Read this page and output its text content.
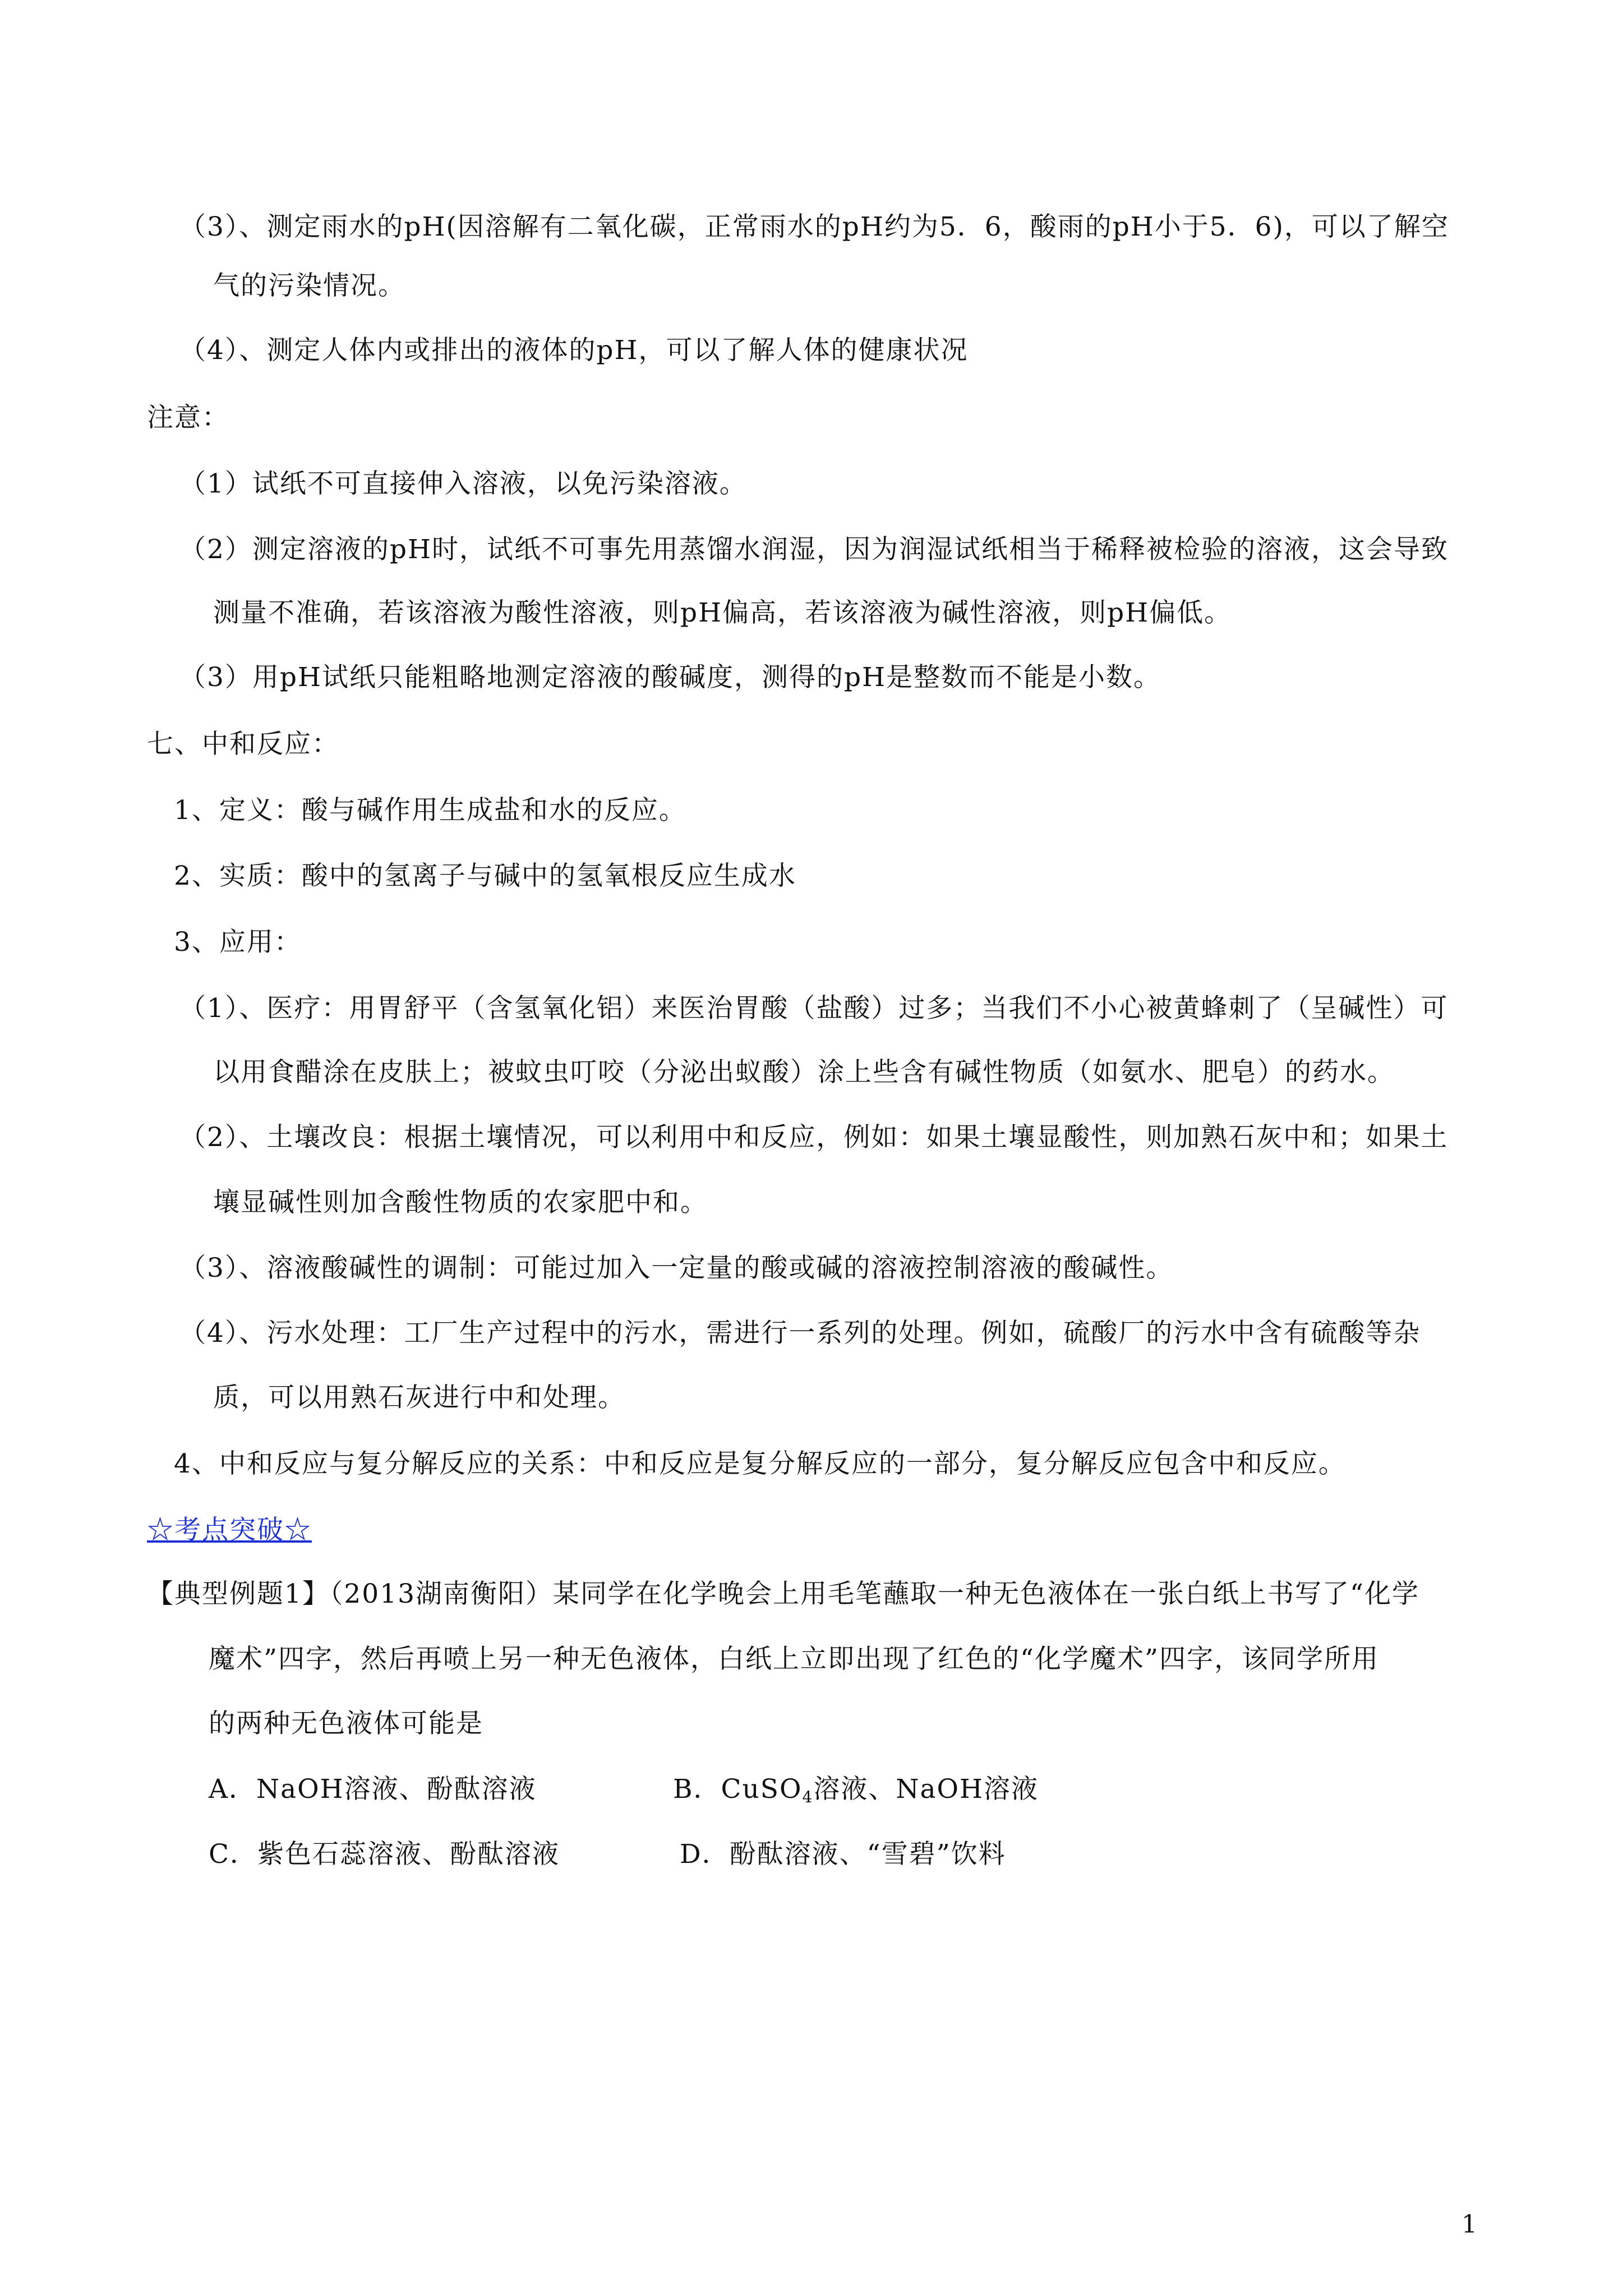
（3）、测定雨水的pH(因溶解有二氧化碳，正常雨水的pH约为5．6，酸雨的pH小于5．6)，可以了解空
气的污染情况。
（4）、测定人体内或排出的液体的pH，可以了解人体的健康状况
注意：
（1）试纸不可直接伸入溶液，以免污染溶液。
（2）测定溶液的pH时，试纸不可事先用蒸馏水润湿，因为润湿试纸相当于稀释被检验的溶液，这会导致
测量不准确，若该溶液为酸性溶液，则pH偏高，若该溶液为碱性溶液，则pH偏低。
（3）用pH试纸只能粗略地测定溶液的酸碱度，测得的pH是整数而不能是小数。
七、中和反应：
1、定义：酸与碱作用生成盐和水的反应。
2、实质：酸中的氢离子与碱中的氢氧根反应生成水
3、应用：
（1）、医疗：用胃舒平（含氢氧化铝）来医治胃酸（盐酸）过多；当我们不小心被黄蜂刺了（呈碱性）可
以用食醋涂在皮肤上；被蚊虫叮咬（分泌出蚁酸）涂上些含有碱性物质（如氨水、肥皂）的药水。
（2）、土壤改良：根据土壤情况，可以利用中和反应，例如：如果土壤显酸性，则加熟石灰中和；如果土
壤显碱性则加含酸性物质的农家肥中和。
（3）、溶液酸碱性的调制：可能过加入一定量的酸或碱的溶液控制溶液的酸碱性。
（4）、污水处理：工厂生产过程中的污水，需进行一系列的处理。例如，硫酸厂的污水中含有硫酸等杂
质，可以用熟石灰进行中和处理。
4、中和反应与复分解反应的关系：中和反应是复分解反应的一部分，复分解反应包含中和反应。
☆考点突破☆
【典型例题1】（2013湖南衡阳）某同学在化学晚会上用毛笔蘸取一种无色液体在一张白纸上书写了“化学
魔术”四字，然后再喷上另一种无色液体，白纸上立即出现了红色的“化学魔术”四字，该同学所用
的两种无色液体可能是
A．NaOH溶液、酚酞溶液	B．CuSO$_4$溶液、NaOH溶液
C．紫色石蕊溶液、酚酞溶液	D．酚酞溶液、“雪碧”饮料
1
